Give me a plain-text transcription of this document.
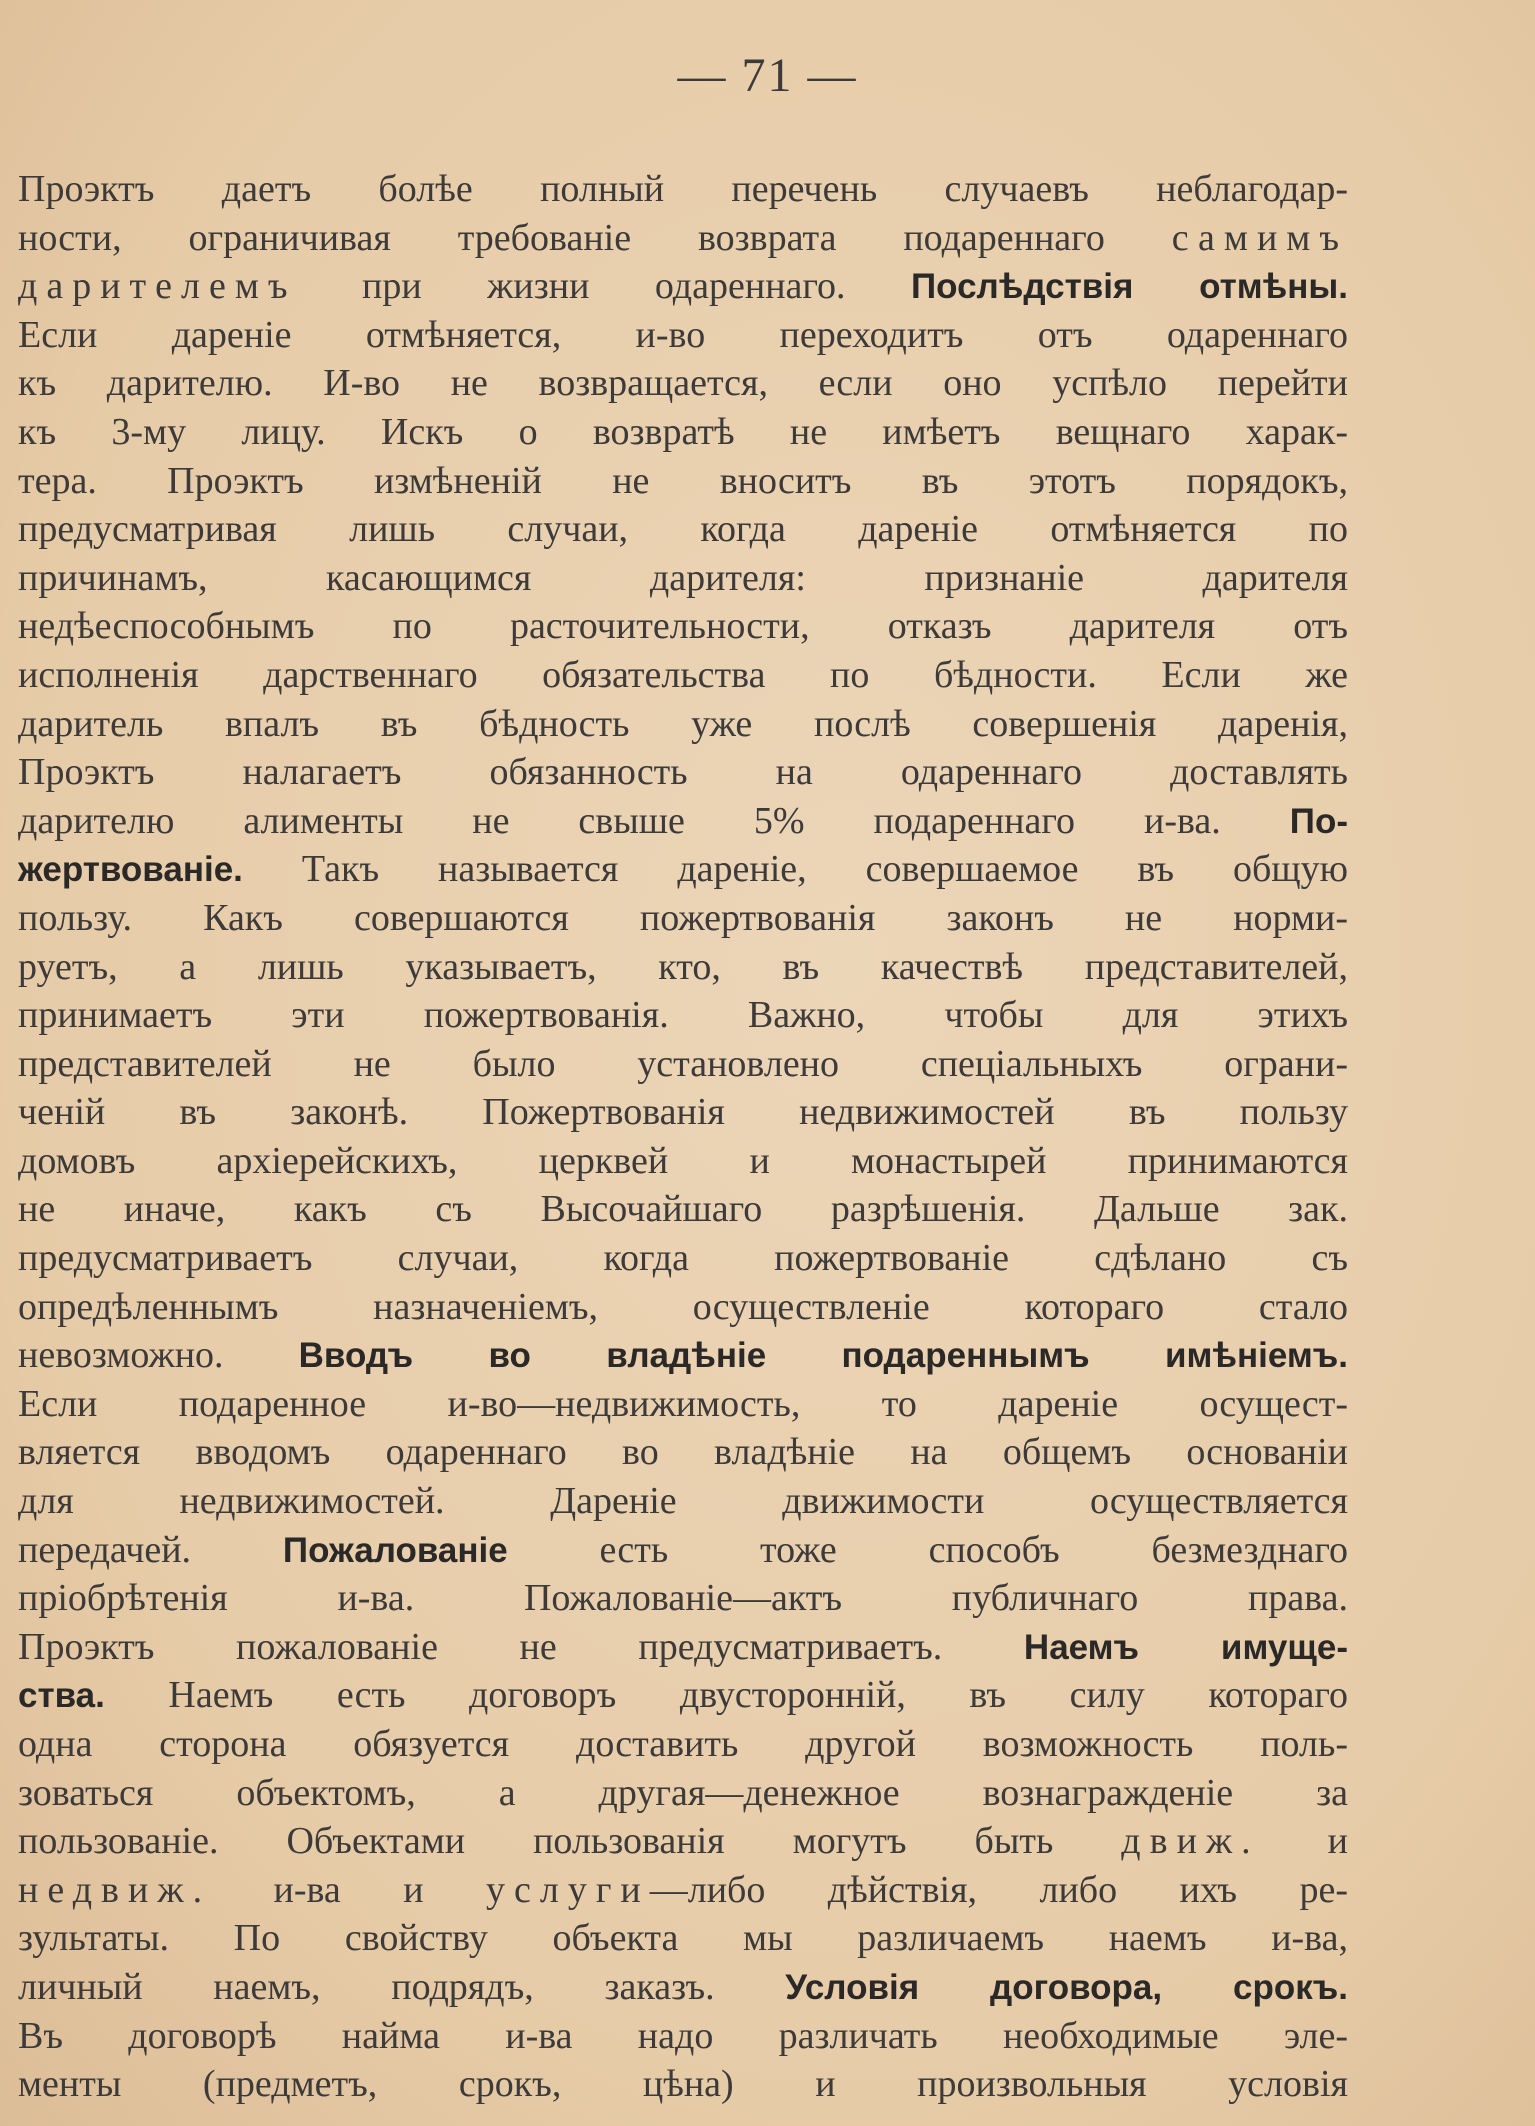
— 71 —
Проэктъ даетъ болѣе полный перечень случаевъ неблагодар-
ности, ограничивая требованіе возврата подареннаго самимъ
дарителемъ при жизни одареннаго. Послѣдствія отмѣны.
Если дареніе отмѣняется, и-во переходитъ отъ одареннаго
къ дарителю. И-во не возвращается, если оно успѣло перейти
къ 3-му лицу. Искъ о возвратѣ не имѣетъ вещнаго харак-
тера. Проэктъ измѣненій не вноситъ въ этотъ порядокъ,
предусматривая лишь случаи, когда дареніе отмѣняется по
причинамъ, касающимся дарителя: признаніе дарителя
недѣеспособнымъ по расточительности, отказъ дарителя отъ
исполненія дарственнаго обязательства по бѣдности. Если же
даритель впалъ въ бѣдность уже послѣ совершенія даренія,
Проэктъ налагаетъ обязанность на одареннаго доставлять
дарителю алименты не свыше 5% подареннаго и-ва. По-
жертвованіе. Такъ называется дареніе, совершаемое въ общую
пользу. Какъ совершаются пожертвованія законъ не норми-
руетъ, а лишь указываетъ, кто, въ качествѣ представителей,
принимаетъ эти пожертвованія. Важно, чтобы для этихъ
представителей не было установлено спеціальныхъ ограни-
ченій въ законѣ. Пожертвованія недвижимостей въ пользу
домовъ архіерейскихъ, церквей и монастырей принимаются
не иначе, какъ съ Высочайшаго разрѣшенія. Дальше зак.
предусматриваетъ случаи, когда пожертвованіе сдѣлано съ
опредѣленнымъ назначеніемъ, осуществленіе котораго стало
невозможно. Вводъ во владѣніе подареннымъ имѣніемъ.
Если подаренное и-во—недвижимость, то дареніе осущест-
вляется вводомъ одареннаго во владѣніе на общемъ основаніи
для недвижимостей. Дареніе движимости осуществляется
передачей. Пожалованіе есть тоже способъ безмезднаго
пріобрѣтенія и-ва. Пожалованіе—актъ публичнаго права.
Проэктъ пожалованіе не предусматриваетъ. Наемъ имуще-
ства. Наемъ есть договоръ двусторонній, въ силу котораго
одна сторона обязуется доставить другой возможность поль-
зоваться объектомъ, а другая—денежное вознагражденіе за
пользованіе. Объектами пользованія могутъ быть движ. и
недвиж. и-ва и услуги—либо дѣйствія, либо ихъ ре-
зультаты. По свойству объекта мы различаемъ наемъ и-ва,
личный наемъ, подрядъ, заказъ. Условія договора, срокъ.
Въ договорѣ найма и-ва надо различать необходимые эле-
менты (предметъ, срокъ, цѣна) и произвольныя условія
